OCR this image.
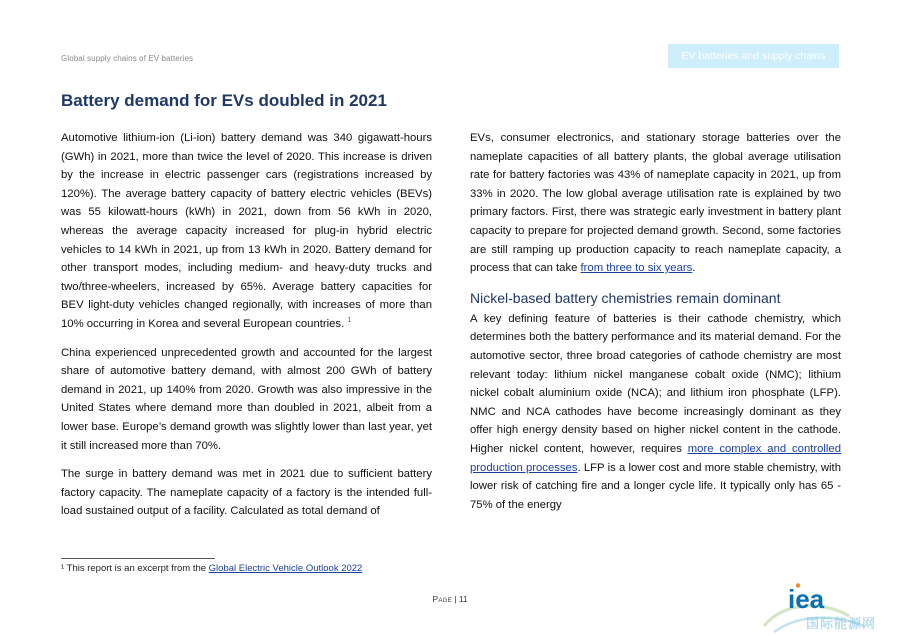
Global supply chains of EV batteries	EV batteries and supply chains
Battery demand for EVs doubled in 2021

Automotive lithium-ion (Li-ion) battery demand was 340 gigawatt-hours (GWh) in 2021, more than twice the level of 2020. This increase is driven by the increase in electric passenger cars (registrations increased by 120%). The average battery capacity of battery electric vehicles (BEVs) was 55 kilowatt-hours (kWh) in 2021, down from 56 kWh in 2020, whereas the average capacity increased for plug-in hybrid electric vehicles to 14 kWh in 2021, up from 13 kWh in 2020. Battery demand for other transport modes, including medium- and heavy-duty trucks and two/three-wheelers, increased by 65%. Average battery capacities for BEV light-duty vehicles changed regionally, with increases of more than 10% occurring in Korea and several European countries. $^1$

China experienced unprecedented growth and accounted for the largest share of automotive battery demand, with almost 200 GWh of battery demand in 2021, up 140% from 2020. Growth was also impressive in the United States where demand more than doubled in 2021, albeit from a lower base. Europe’s demand growth was slightly lower than last year, yet it still increased more than 70%.

The surge in battery demand was met in 2021 due to sufficient battery factory capacity. The nameplate capacity of a factory is the intended full-load sustained output of a facility. Calculated as total demand of

EVs, consumer electronics, and stationary storage batteries over the nameplate capacities of all battery plants, the global average utilisation rate for battery factories was 43% of nameplate capacity in 2021, up from 33% in 2020. The low global average utilisation rate is explained by two primary factors. First, there was strategic early investment in battery plant capacity to prepare for projected demand growth. Second, some factories are still ramping up production capacity to reach nameplate capacity, a process that can take from three to six years.

Nickel-based battery chemistries remain dominant

A key defining feature of batteries is their cathode chemistry, which determines both the battery performance and its material demand. For the automotive sector, three broad categories of cathode chemistry are most relevant today: lithium nickel manganese cobalt oxide (NMC); lithium nickel cobalt aluminium oxide (NCA); and lithium iron phosphate (LFP). NMC and NCA cathodes have become increasingly dominant as they offer high energy density based on higher nickel content in the cathode. Higher nickel content, however, requires more complex and controlled production processes. LFP is a lower cost and more stable chemistry, with lower risk of catching fire and a longer cycle life. It typically only has 65 - 75% of the energy

¹ This report is an excerpt from the Global Electric Vehicle Outlook 2022
Page | 11
国际能源网
iea
